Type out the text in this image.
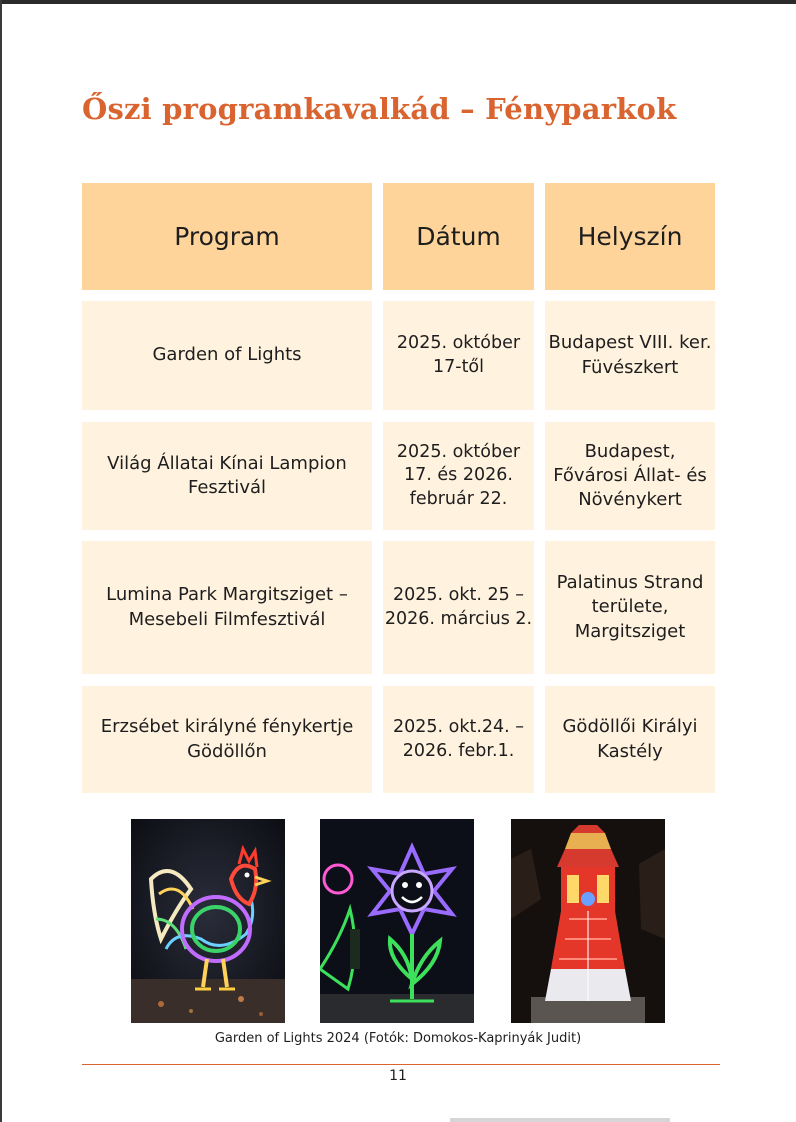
Őszi programkavalkád – Fényparkok
Program	Dátum	Helyszín
Garden of Lights
2025. október 17-től
Budapest VIII. ker. Füvészkert
Világ Állatai Kínai Lampion Fesztivál
2025. október 17. és 2026. február 22.
Budapest, Fővárosi Állat- és Növénykert
Lumina Park Margitsziget – Mesebeli Filmfesztivál
2025. okt. 25 – 2026. március 2.
Palatinus Strand területe, Margitsziget
Erzsébet királyné fénykertje Gödöllőn
2025. okt.24. – 2026. febr.1.
Gödöllői Királyi Kastély
Garden of Lights 2024 (Fotók: Domokos-Kaprinyák Judit)
11
